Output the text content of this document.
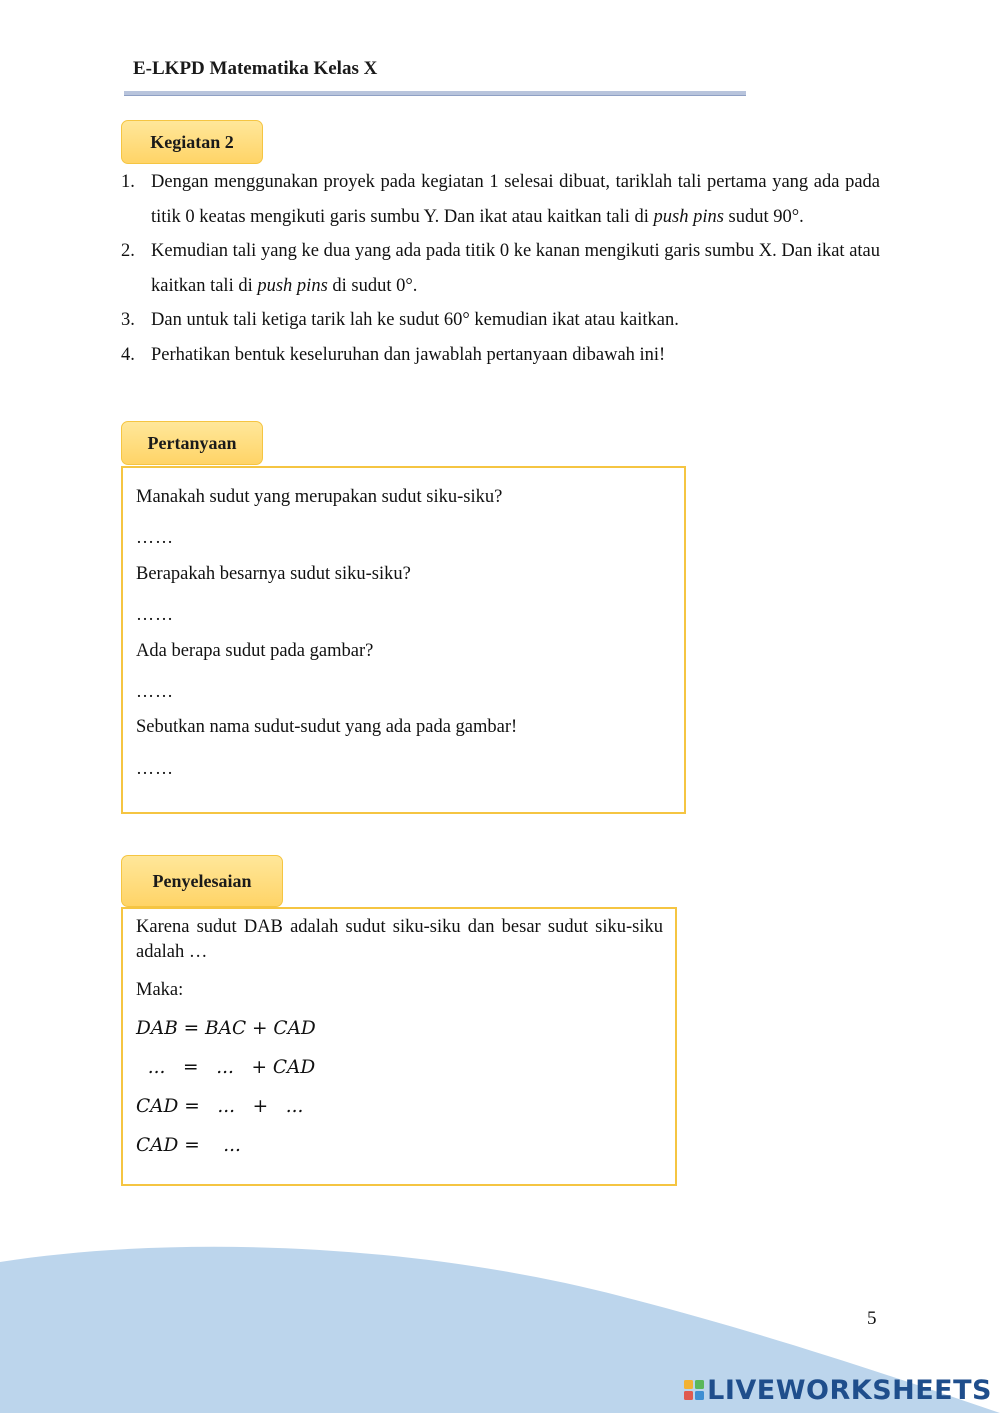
E-LKPD Matematika Kelas X
Kegiatan 2
1. Dengan menggunakan proyek pada kegiatan 1 selesai dibuat, tariklah tali pertama yang ada pada titik 0 keatas mengikuti garis sumbu Y. Dan ikat atau kaitkan tali di push pins sudut 90°.
2. Kemudian tali yang ke dua yang ada pada titik 0 ke kanan mengikuti garis sumbu X. Dan ikat atau kaitkan tali di push pins di sudut 0°.
3. Dan untuk tali ketiga tarik lah ke sudut 60° kemudian ikat atau kaitkan.
4. Perhatikan bentuk keseluruhan dan jawablah pertanyaan dibawah ini!
Pertanyaan
Manakah sudut yang merupakan sudut siku-siku?
……
Berapakah besarnya sudut siku-siku?
……
Ada berapa sudut pada gambar?
……
Sebutkan nama sudut-sudut yang ada pada gambar!
……
Penyelesaian
Karena sudut DAB adalah sudut siku-siku dan besar sudut siku-siku adalah …
Maka:
DAB = BAC + CAD
...   =   ...   + CAD
CAD =   ...   +   ...
CAD =    ...
5
LIVEWORKSHEETS
